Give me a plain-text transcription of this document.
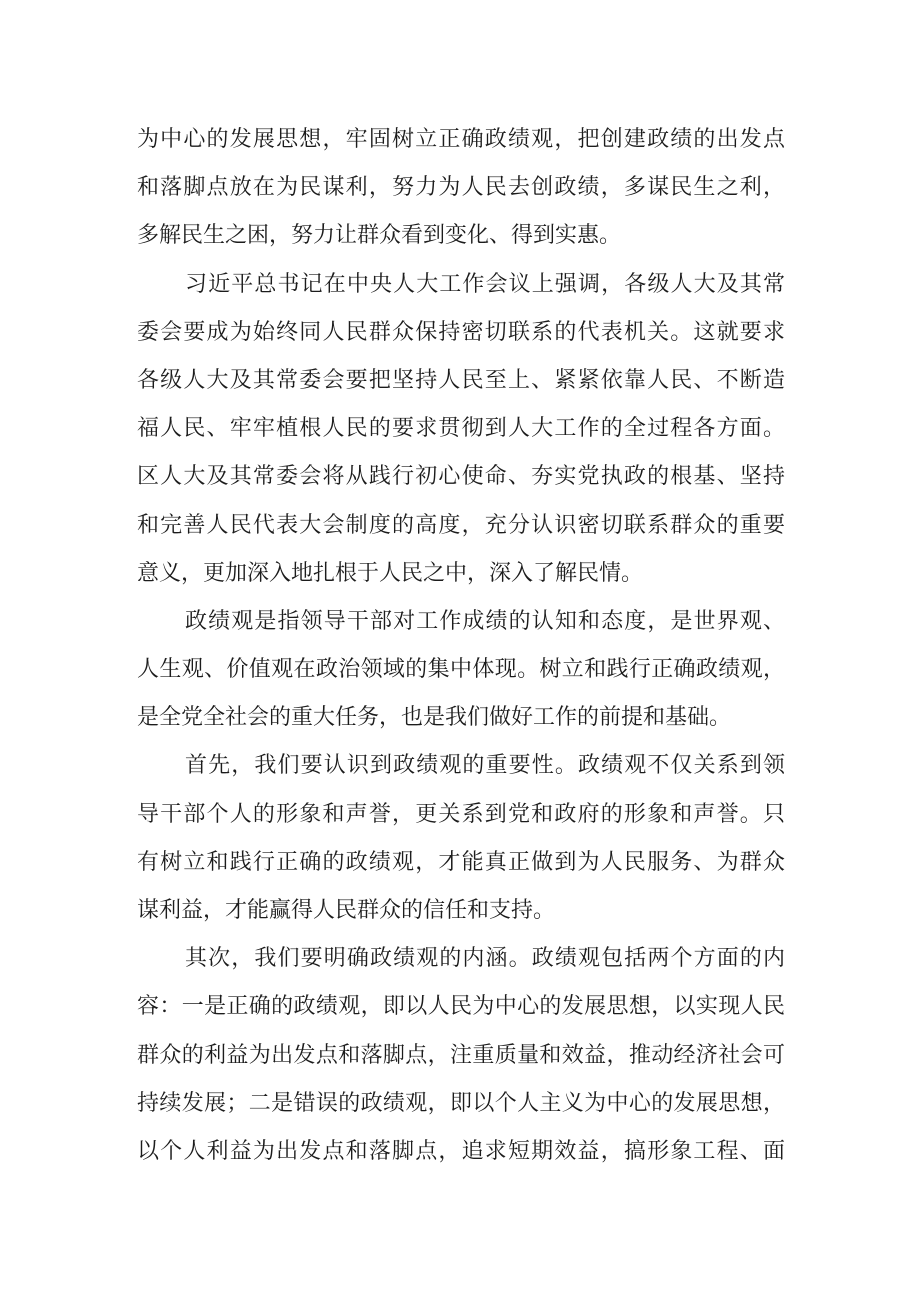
为中心的发展思想，牢固树立正确政绩观，把创建政绩的出发点
和落脚点放在为民谋利，努力为人民去创政绩，多谋民生之利，
多解民生之困，努力让群众看到变化、得到实惠。
习近平总书记在中央人大工作会议上强调，各级人大及其常
委会要成为始终同人民群众保持密切联系的代表机关。这就要求
各级人大及其常委会要把坚持人民至上、紧紧依靠人民、不断造
福人民、牢牢植根人民的要求贯彻到人大工作的全过程各方面。
区人大及其常委会将从践行初心使命、夯实党执政的根基、坚持
和完善人民代表大会制度的高度，充分认识密切联系群众的重要
意义，更加深入地扎根于人民之中，深入了解民情。
政绩观是指领导干部对工作成绩的认知和态度，是世界观、
人生观、价值观在政治领域的集中体现。树立和践行正确政绩观，
是全党全社会的重大任务，也是我们做好工作的前提和基础。
首先，我们要认识到政绩观的重要性。政绩观不仅关系到领
导干部个人的形象和声誉，更关系到党和政府的形象和声誉。只
有树立和践行正确的政绩观，才能真正做到为人民服务、为群众
谋利益，才能赢得人民群众的信任和支持。
其次，我们要明确政绩观的内涵。政绩观包括两个方面的内
容：一是正确的政绩观，即以人民为中心的发展思想，以实现人民
群众的利益为出发点和落脚点，注重质量和效益，推动经济社会可
持续发展；二是错误的政绩观，即以个人主义为中心的发展思想，
以个人利益为出发点和落脚点，追求短期效益，搞形象工程、面
